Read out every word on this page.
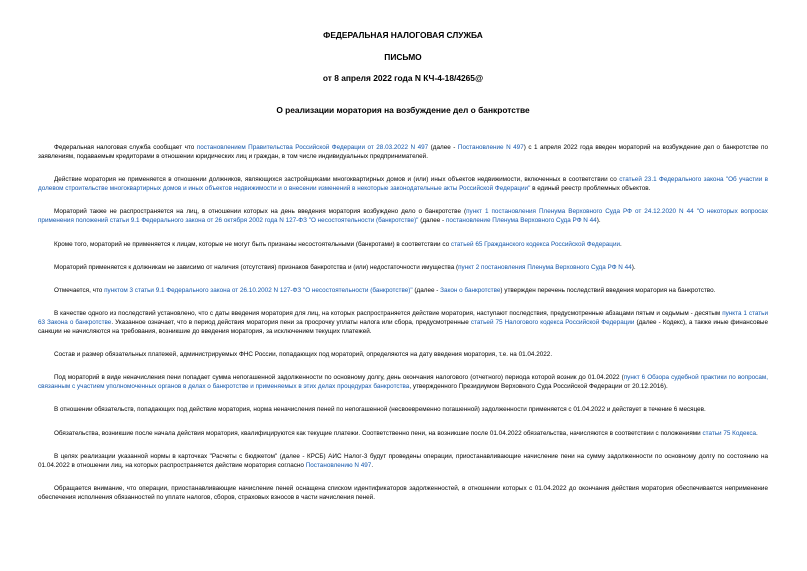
ФЕДЕРАЛЬНАЯ НАЛОГОВАЯ СЛУЖБА

ПИСЬМО

от 8 апреля 2022 года N КЧ-4-18/4265@

О реализации моратория на возбуждение дел о банкротстве

Федеральная налоговая служба сообщает что постановлением Правительства Российской Федерации от 28.03.2022 N 497 (далее - Постановление N 497) с 1 апреля 2022 года введен мораторий на возбуждение дел о банкротстве по заявлениям, подаваемым кредиторами в отношении юридических лиц и граждан, в том числе индивидуальных предпринимателей.

Действие моратория не применяется в отношении должников, являющихся застройщиками многоквартирных домов и (или) иных объектов недвижимости, включенных в соответствии со статьей 23.1 Федерального закона "Об участии в долевом строительстве многоквартирных домов и иных объектов недвижимости и о внесении изменений в некоторые законодательные акты Российской Федерации" в единый реестр проблемных объектов.

Мораторий также не распространяется на лиц, в отношении которых на день введения моратория возбуждено дело о банкротстве (пункт 1 постановления Пленума Верховного Суда РФ от 24.12.2020 N 44 "О некоторых вопросах применения положений статьи 9.1 Федерального закона от 26 октября 2002 года N 127-ФЗ "О несостоятельности (банкротстве)" (далее - постановление Пленума Верховного Суда РФ N 44).

Кроме того, мораторий не применяется к лицам, которые не могут быть признаны несостоятельными (банкротами) в соответствии со статьей 65 Гражданского кодекса Российской Федерации.

Мораторий применяется к должникам не зависимо от наличия (отсутствия) признаков банкротства и (или) недостаточности имущества (пункт 2 постановления Пленума Верховного Суда РФ N 44).

Отмечается, что пунктом 3 статьи 9.1 Федерального закона от 26.10.2002 N 127-ФЗ "О несостоятельности (банкротстве)" (далее - Закон о банкротстве) утвержден перечень последствий введения моратория на банкротство.

В качестве одного из последствий установлено, что с даты введения моратория для лиц, на которых распространяется действие моратория, наступают последствия, предусмотренные абзацами пятым и седьмым - десятым пункта 1 статьи 63 Закона о банкротстве. Указанное означает, что в период действия моратория пени за просрочку уплаты налога или сбора, предусмотренные статьей 75 Налогового кодекса Российской Федерации (далее - Кодекс), а также иные финансовые санкции не начисляются на требования, возникшие до введения моратория, за исключением текущих платежей.

Состав и размер обязательных платежей, администрируемых ФНС России, попадающих под мораторий, определяются на дату введения моратория, т.е. на 01.04.2022.

Под мораторий в виде неначисления пени попадает сумма непогашенной задолженности по основному долгу, день окончания налогового (отчетного) периода которой возник до 01.04.2022 (пункт 6 Обзора судебной практики по вопросам, связанным с участием уполномоченных органов в делах о банкротстве и применяемых в этих делах процедурах банкротства, утвержденного Президиумом Верховного Суда Российской Федерации от 20.12.2016).

В отношении обязательств, попадающих под действие моратория, норма неначисления пеней по непогашенной (несвоевременно погашенной) задолженности применяется с 01.04.2022 и действует в течение 6 месяцев.

Обязательства, возникшие после начала действия моратория, квалифицируются как текущие платежи. Соответственно пени, на возникшие после 01.04.2022 обязательства, начисляются в соответствии с положениями статьи 75 Кодекса.

В целях реализации указанной нормы в карточках "Расчеты с бюджетом" (далее - КРСБ) АИС Налог-3 будут проведены операции, приостанавливающие начисление пени на сумму задолженности по основному долгу по состоянию на 01.04.2022 в отношении лиц, на которых распространяется действие моратория согласно Постановлению N 497.

Обращается внимание, что операции, приостанавливающие начисление пеней оснащена списком идентификаторов задолженностей, в отношении которых с 01.04.2022 до окончания действия моратория обеспечивается неприменение обеспечения исполнения обязанностей по уплате налогов, сборов, страховых взносов в части начисления пеней.
